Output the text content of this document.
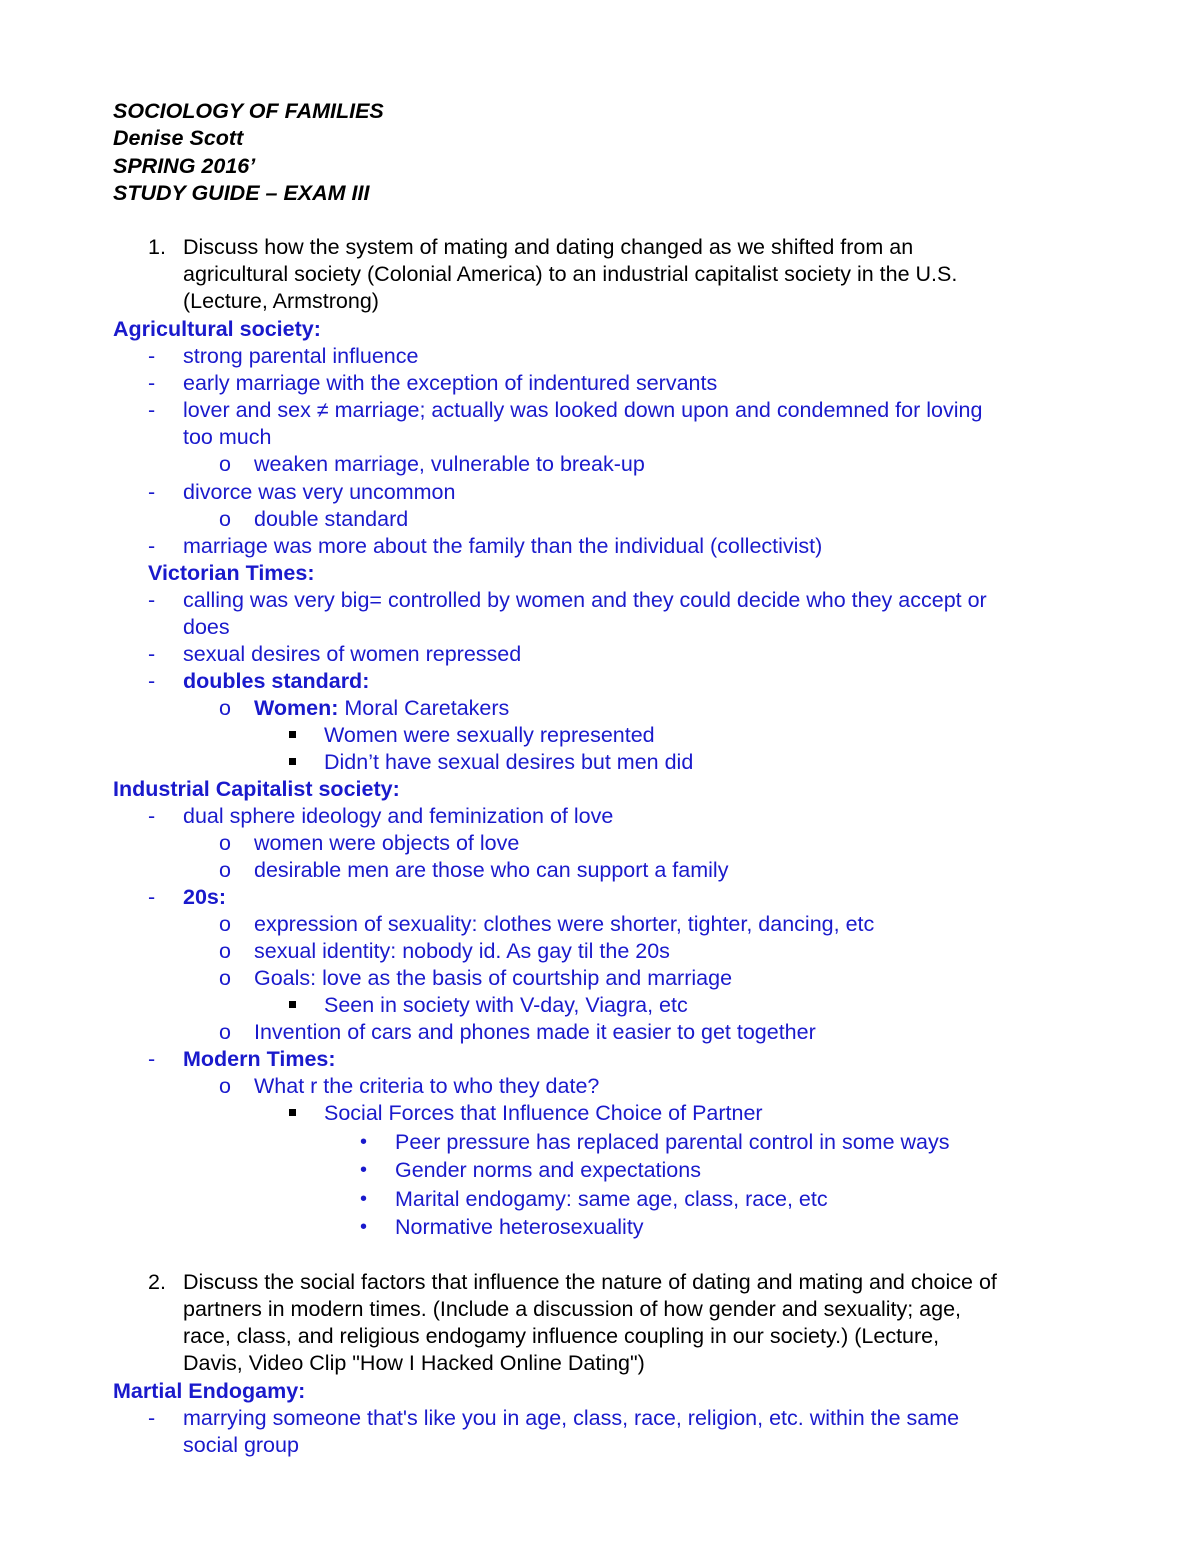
SOCIOLOGY OF FAMILIES
Denise Scott
SPRING 2016’
STUDY GUIDE – EXAM III
1. Discuss how the system of mating and dating changed as we shifted from an
agricultural society (Colonial America) to an industrial capitalist society in the U.S.
(Lecture, Armstrong)
Agricultural society:
- strong parental influence
- early marriage with the exception of indentured servants
- lover and sex ≠ marriage; actually was looked down upon and condemned for loving
too much
o weaken marriage, vulnerable to break-up
- divorce was very uncommon
o double standard
- marriage was more about the family than the individual (collectivist)
Victorian Times:
- calling was very big= controlled by women and they could decide who they accept or
does
- sexual desires of women repressed
- doubles standard:
o Women: Moral Caretakers
Women were sexually represented
Didn’t have sexual desires but men did
Industrial Capitalist society:
- dual sphere ideology and feminization of love
o women were objects of love
o desirable men are those who can support a family
- 20s:
o expression of sexuality: clothes were shorter, tighter, dancing, etc
o sexual identity: nobody id. As gay til the 20s
o Goals: love as the basis of courtship and marriage
Seen in society with V-day, Viagra, etc
o Invention of cars and phones made it easier to get together
- Modern Times:
o What r the criteria to who they date?
Social Forces that Influence Choice of Partner
• Peer pressure has replaced parental control in some ways
• Gender norms and expectations
• Marital endogamy: same age, class, race, etc
• Normative heterosexuality
2. Discuss the social factors that influence the nature of dating and mating and choice of
partners in modern times. (Include a discussion of how gender and sexuality; age,
race, class, and religious endogamy influence coupling in our society.) (Lecture,
Davis, Video Clip "How I Hacked Online Dating")
Martial Endogamy:
- marrying someone that's like you in age, class, race, religion, etc. within the same
social group
